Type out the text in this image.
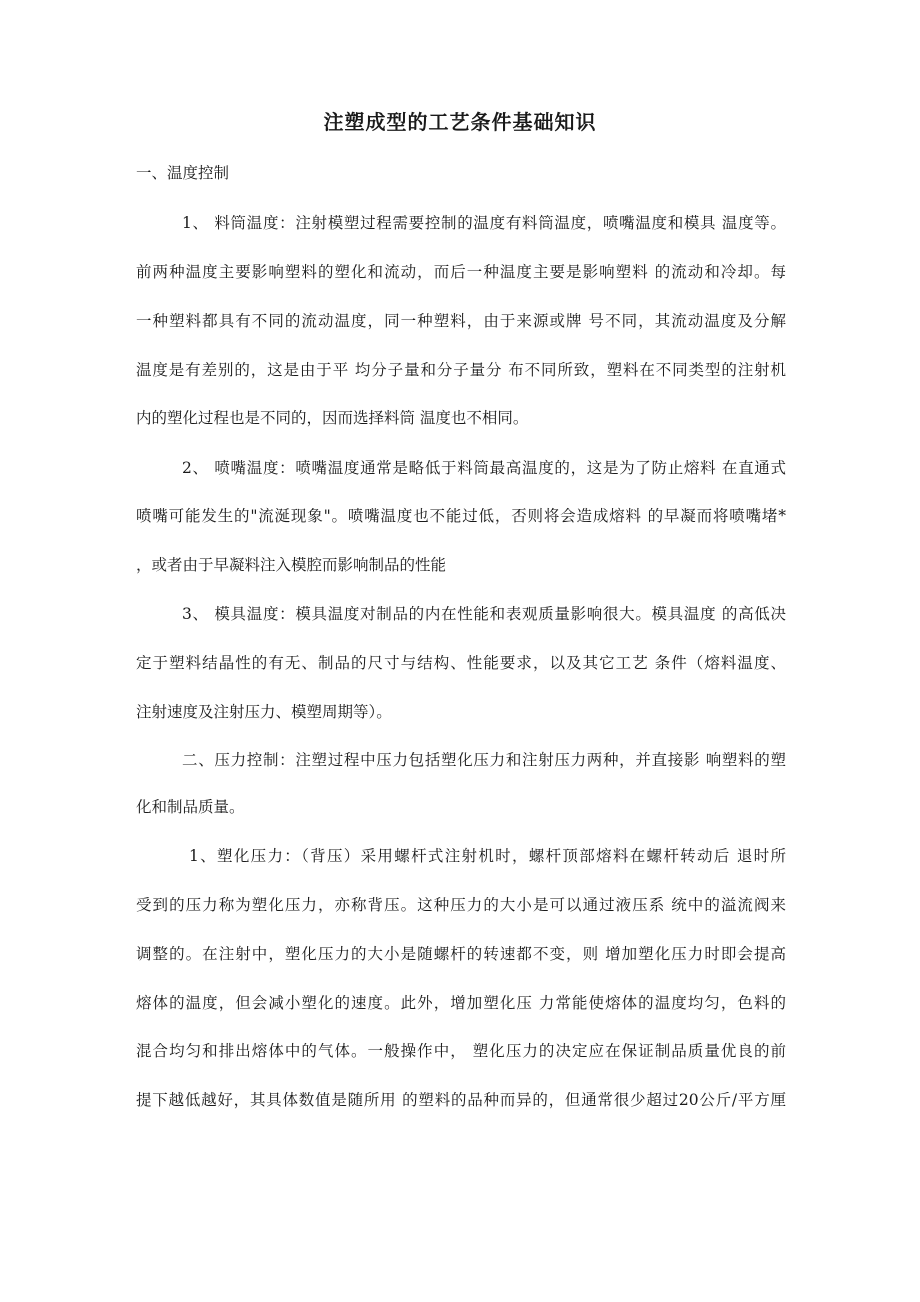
注塑成型的工艺条件基础知识
一、温度控制
1、 料筒温度：注射模塑过程需要控制的温度有料筒温度，喷嘴温度和模具 温度等。
前两种温度主要影响塑料的塑化和流动，而后一种温度主要是影响塑料 的流动和冷却。每
一种塑料都具有不同的流动温度，同一种塑料，由于来源或牌 号不同，其流动温度及分解
温度是有差别的，这是由于平 均分子量和分子量分 布不同所致，塑料在不同类型的注射机
内的塑化过程也是不同的，因而选择料筒 温度也不相同。
2、 喷嘴温度：喷嘴温度通常是略低于料筒最高温度的，这是为了防止熔料 在直通式
喷嘴可能发生的"流涎现象"。喷嘴温度也不能过低，否则将会造成熔料 的早凝而将喷嘴堵*
，或者由于早凝料注入模腔而影响制品的性能
3、 模具温度：模具温度对制品的内在性能和表观质量影响很大。模具温度 的高低决
定于塑料结晶性的有无、制品的尺寸与结构、性能要求，以及其它工艺 条件（熔料温度、
注射速度及注射压力、模塑周期等）。
二、压力控制：注塑过程中压力包括塑化压力和注射压力两种，并直接影 响塑料的塑
化和制品质量。
1、塑化压力：（背压）采用螺杆式注射机时，螺杆顶部熔料在螺杆转动后 退时所
受到的压力称为塑化压力，亦称背压。这种压力的大小是可以通过液压系 统中的溢流阀来
调整的。在注射中，塑化压力的大小是随螺杆的转速都不变，则 增加塑化压力时即会提高
熔体的温度，但会减小塑化的速度。此外，增加塑化压 力常能使熔体的温度均匀，色料的
混合均匀和排出熔体中的气体。一般操作中， 塑化压力的决定应在保证制品质量优良的前
提下越低越好，其具体数值是随所用 的塑料的品种而异的，但通常很少超过20公斤/平方厘
